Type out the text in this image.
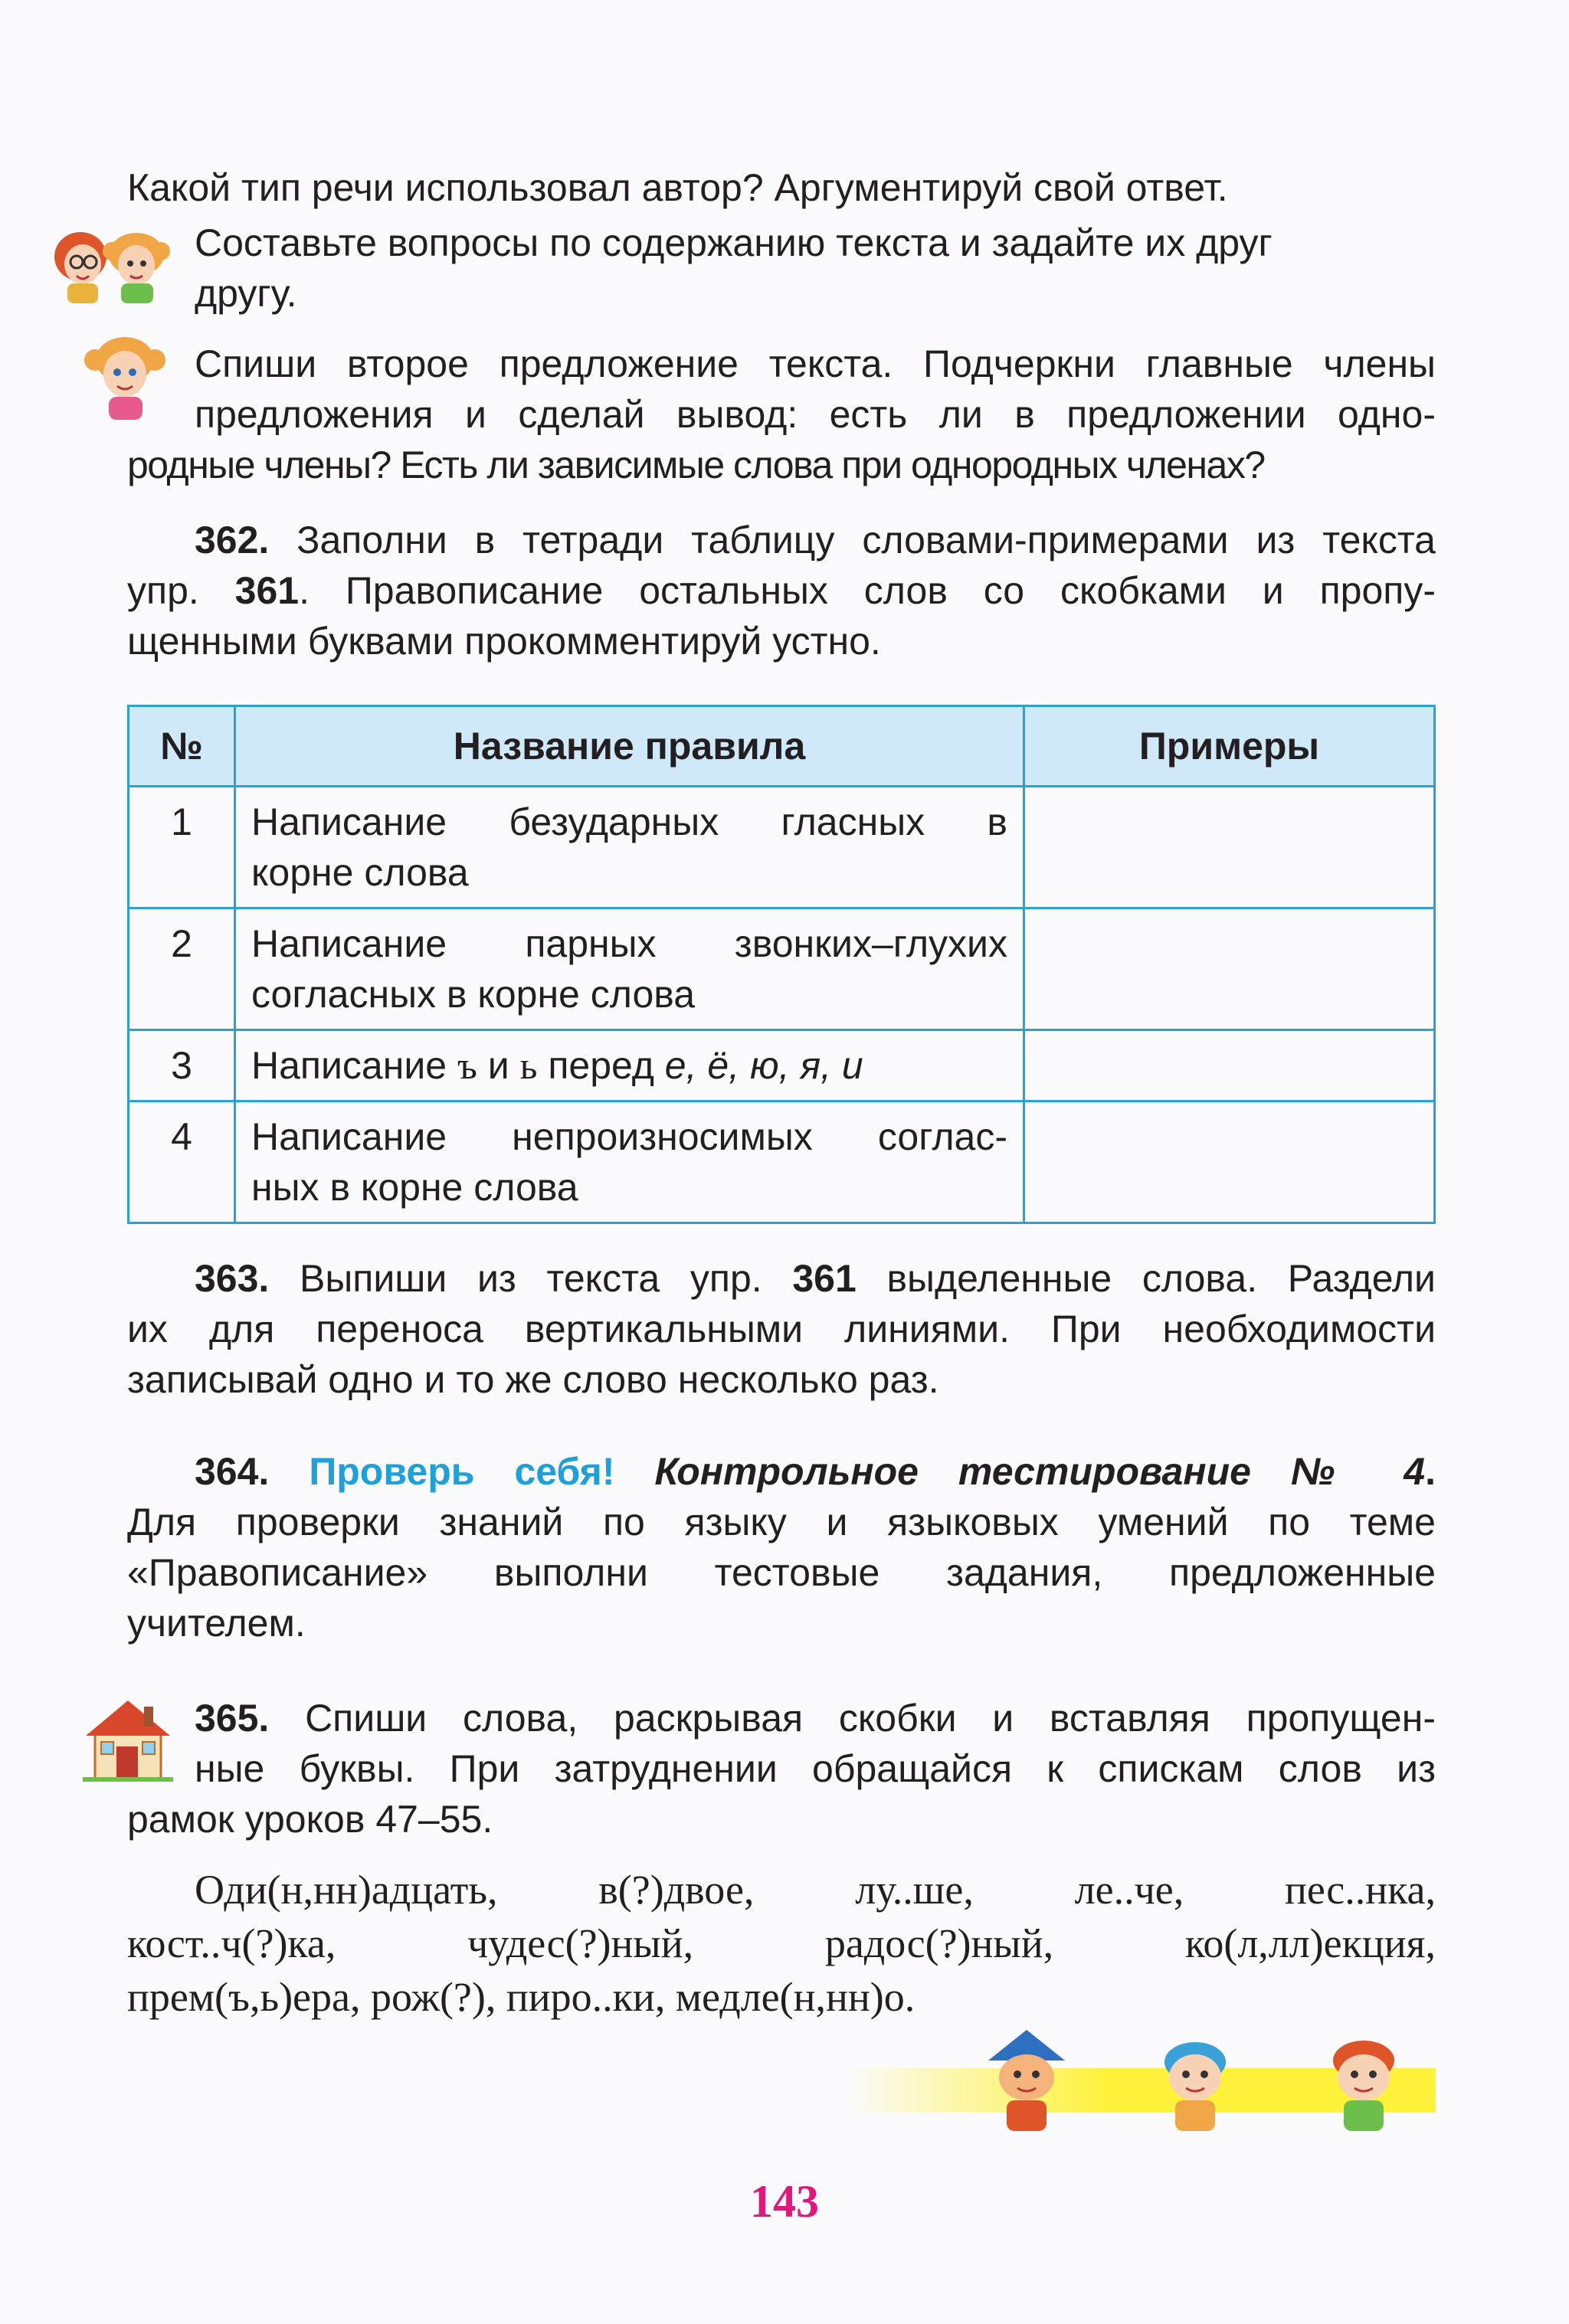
Какой тип речи использовал автор? Аргументируй свой ответ.

Составьте вопросы по содержанию текста и задайте их друг
другу.

Спиши второе предложение текста. Подчеркни главные члены
предложения и сделай вывод: есть ли в предложении одно-
родные члены? Есть ли зависимые слова при однородных членах?

362. Заполни в тетради таблицу словами-примерами из текста
упр. 361. Правописание остальных слов со скобками и пропу-
щенными буквами прокомментируй устно.

№	Название правила	Примеры
1	Написание безударных гласных в
корне слова	

2	Написание парных звонких–глухих
согласных в корне слова	

3	Написание ъ и ь перед е, ё, ю, я, и	

4	Написание непроизносимых соглас-
ных в корне слова	

363. Выпиши из текста упр. 361 выделенные слова. Раздели
их для переноса вертикальными линиями. При необходимости
записывай одно и то же слово несколько раз.

364. Проверь себя! Контрольное тестирование № 4.
Для проверки знаний по языку и языковых умений по теме
«Правописание» выполни тестовые задания, предложенные
учителем.

365. Спиши слова, раскрывая скобки и вставляя пропущен-
ные буквы. При затруднении обращайся к спискам слов из
рамок уроков 47–55.

Оди(н,нн)адцать, в(?)двое, лу..ше, ле..че, пес..нка,
кост..ч(?)ка, чудес(?)ный, радос(?)ный, ко(л,лл)екция,
прем(ъ,ь)ера, рож(?), пиро..ки, медле(н,нн)о.

143
